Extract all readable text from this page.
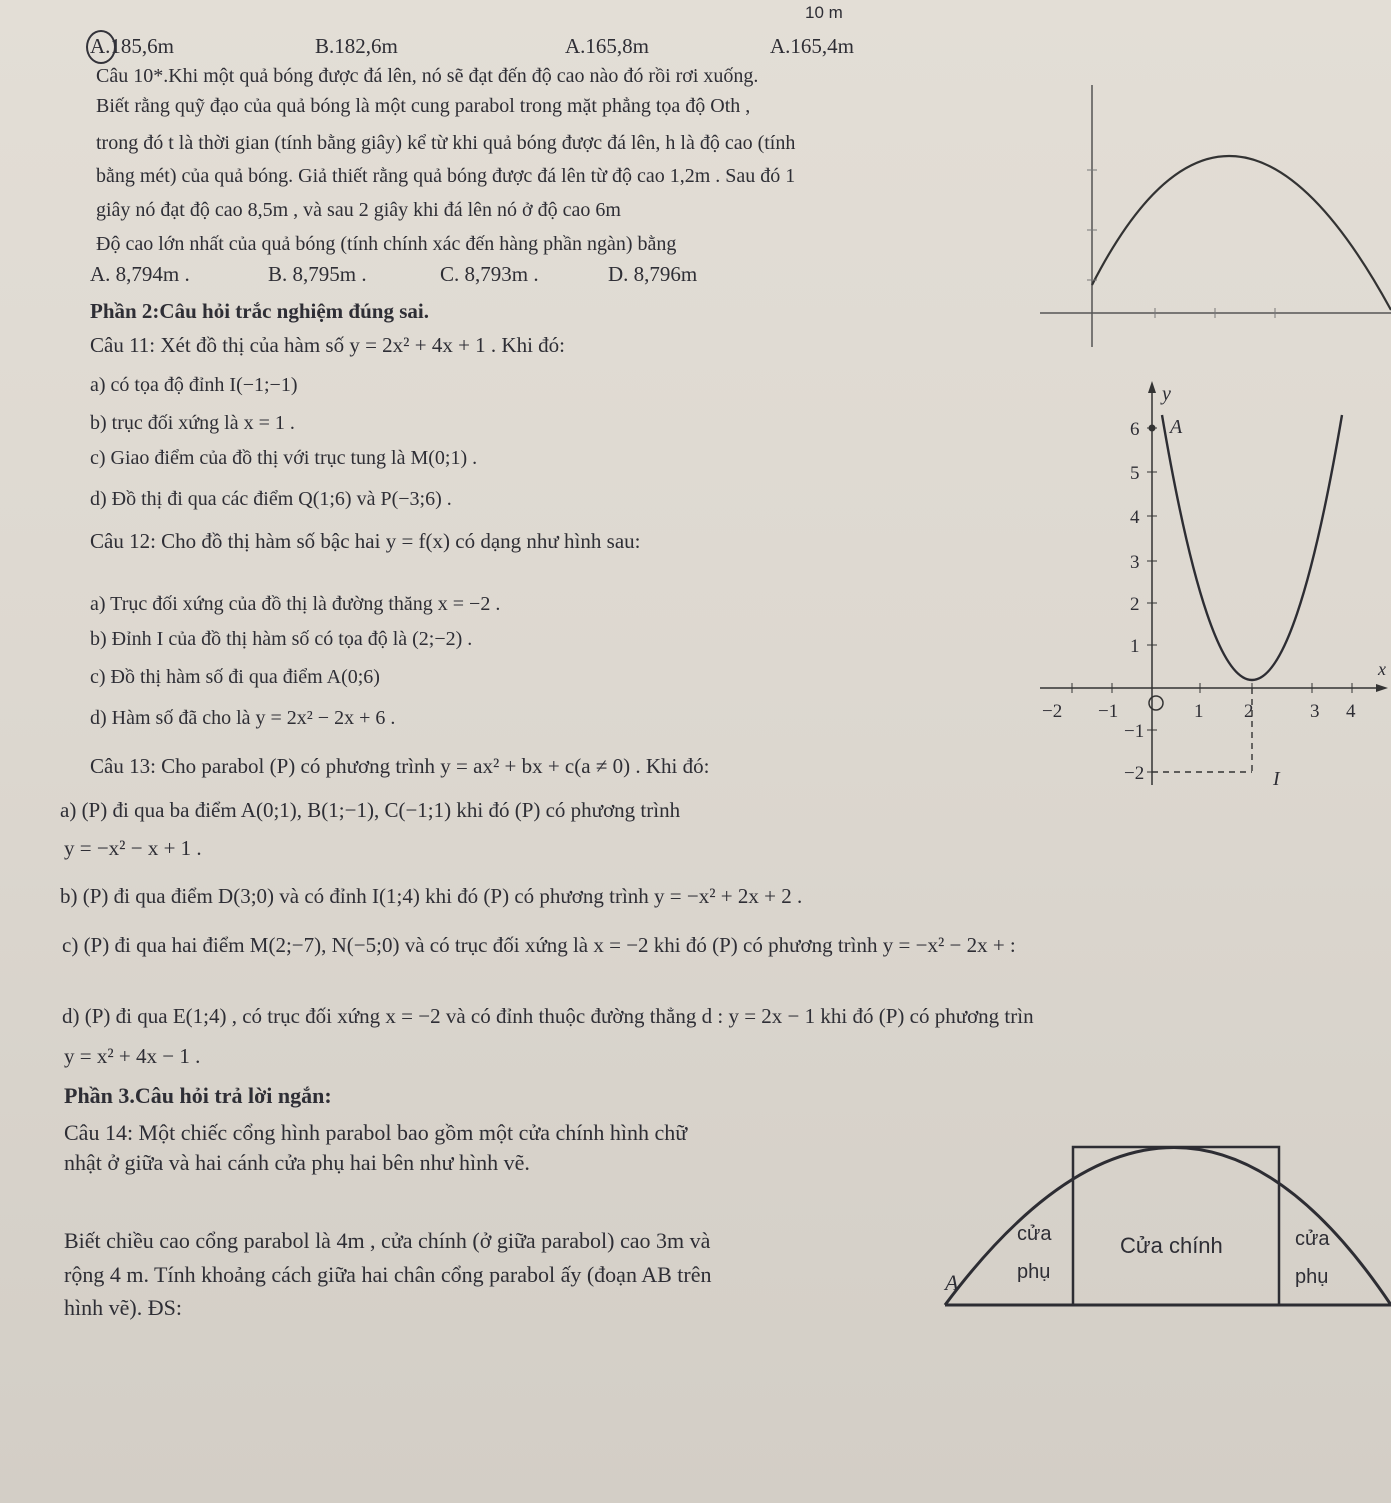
10 m
A.185,6m	B.182,6m	A.165,8m	A.165,4m
Câu 10*.Khi một quả bóng được đá lên, nó sẽ đạt đến độ cao nào đó rồi rơi xuống.
Biết rằng quỹ đạo của quả bóng là một cung parabol trong mặt phẳng tọa độ Oth ,
trong đó t là thời gian (tính bằng giây) kể từ khi quả bóng được đá lên, h là độ cao (tính
bằng mét) của quả bóng. Giả thiết rằng quả bóng được đá lên từ độ cao 1,2m . Sau đó 1
giây nó đạt độ cao 8,5m , và sau 2 giây khi đá lên nó ở độ cao 6m
Độ cao lớn nhất của quả bóng (tính chính xác đến hàng phần ngàn) bằng
A. 8,794m .	B. 8,795m .	C. 8,793m .	D. 8,796m
Phần 2:Câu hỏi trắc nghiệm đúng sai.
Câu 11: Xét đồ thị của hàm số y = 2x² + 4x + 1 . Khi đó:
a) có tọa độ đỉnh I(−1;−1)
b) trục đối xứng là x = 1 .
c) Giao điểm của đồ thị với trục tung là M(0;1) .
d) Đồ thị đi qua các điểm Q(1;6) và P(−3;6) .
Câu 12: Cho đồ thị hàm số bậc hai y = f(x) có dạng như hình sau:
a) Trục đối xứng của đồ thị là đường thăng x = −2 .
b) Đỉnh I của đồ thị hàm số có tọa độ là (2;−2) .
c) Đồ thị hàm số đi qua điểm A(0;6)
d) Hàm số đã cho là y = 2x² − 2x + 6 .
y
x
6
5
4
3
2
1
−1
−2
−2 −1	1 2	3 4
O
A
I
Câu 13: Cho parabol (P) có phương trình y = ax² + bx + c(a ≠ 0) . Khi đó:
a) (P) đi qua ba điểm A(0;1), B(1;−1), C(−1;1) khi đó (P) có phương trình
y = −x² − x + 1 .
b) (P) đi qua điểm D(3;0) và có đỉnh I(1;4) khi đó (P) có phương trình y = −x² + 2x + 2 .
c) (P) đi qua hai điểm M(2;−7), N(−5;0) và có trục đối xứng là x = −2 khi đó (P) có phương trình y = −x² − 2x + :
d) (P) đi qua E(1;4) , có trục đối xứng x = −2 và có đỉnh thuộc đường thẳng d : y = 2x − 1 khi đó (P) có phương trìn
y = x² + 4x − 1 .
Phần 3.Câu hỏi trả lời ngắn:
Câu 14: Một chiếc cổng hình parabol bao gồm một cửa chính hình chữ
nhật ở giữa và hai cánh cửa phụ hai bên như hình vẽ.
Biết chiều cao cổng parabol là 4m , cửa chính (ở giữa parabol) cao 3m và
rộng 4 m. Tính khoảng cách giữa hai chân cổng parabol ấy (đoạn AB trên
hình vẽ). ĐS:
Cửa chính
cửa
phụ
cửa
phụ
A
